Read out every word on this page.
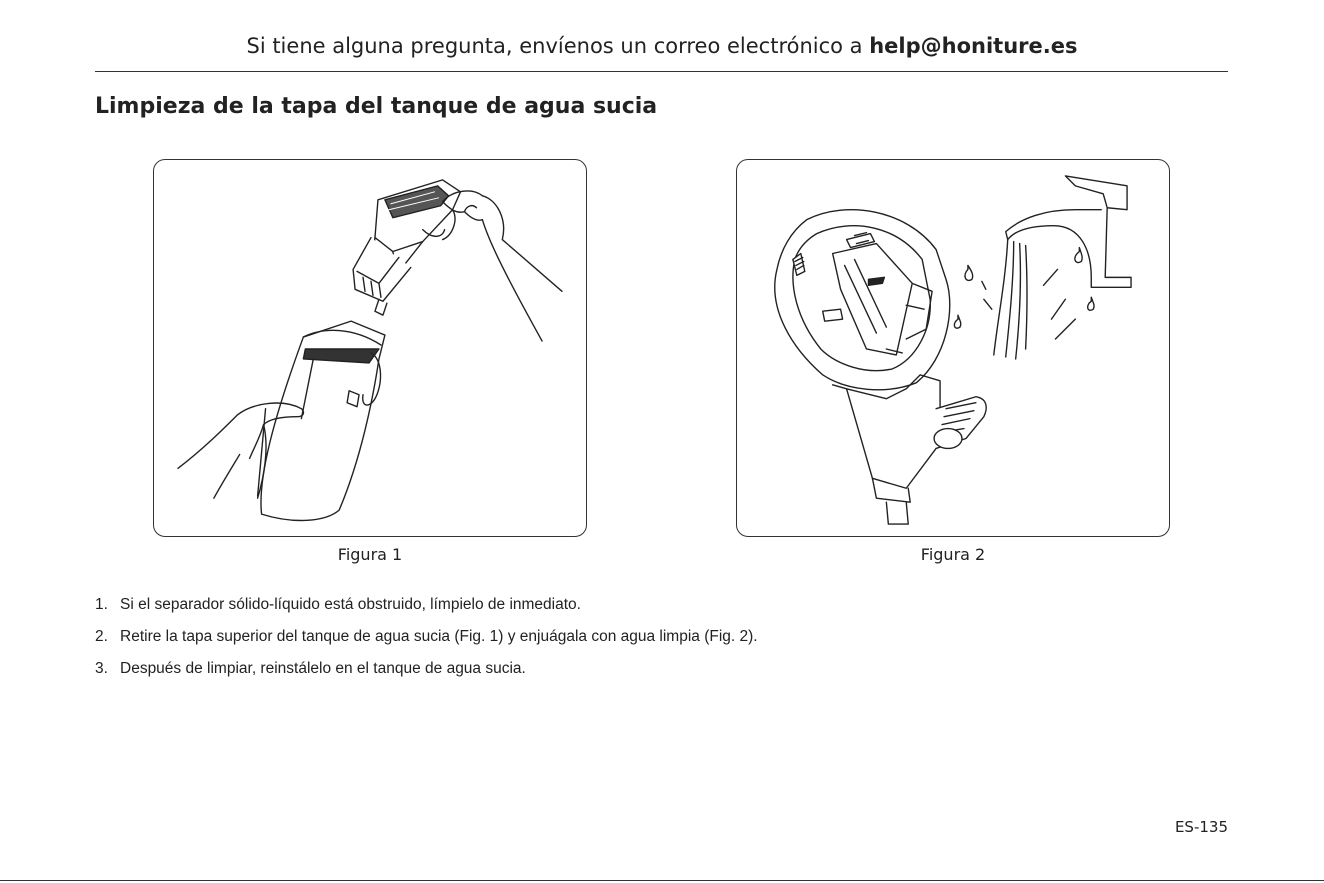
Si tiene alguna pregunta, envíenos un correo electrónico a help@honiture.es
Limpieza de la tapa del tanque de agua sucia
Figura 1	Figura 2
1. Si el separador sólido-líquido está obstruido, límpielo de inmediato.
2. Retire la tapa superior del tanque de agua sucia (Fig. 1) y enjuágala con agua limpia (Fig. 2).
3. Después de limpiar, reinstálelo en el tanque de agua sucia.
ES-135
